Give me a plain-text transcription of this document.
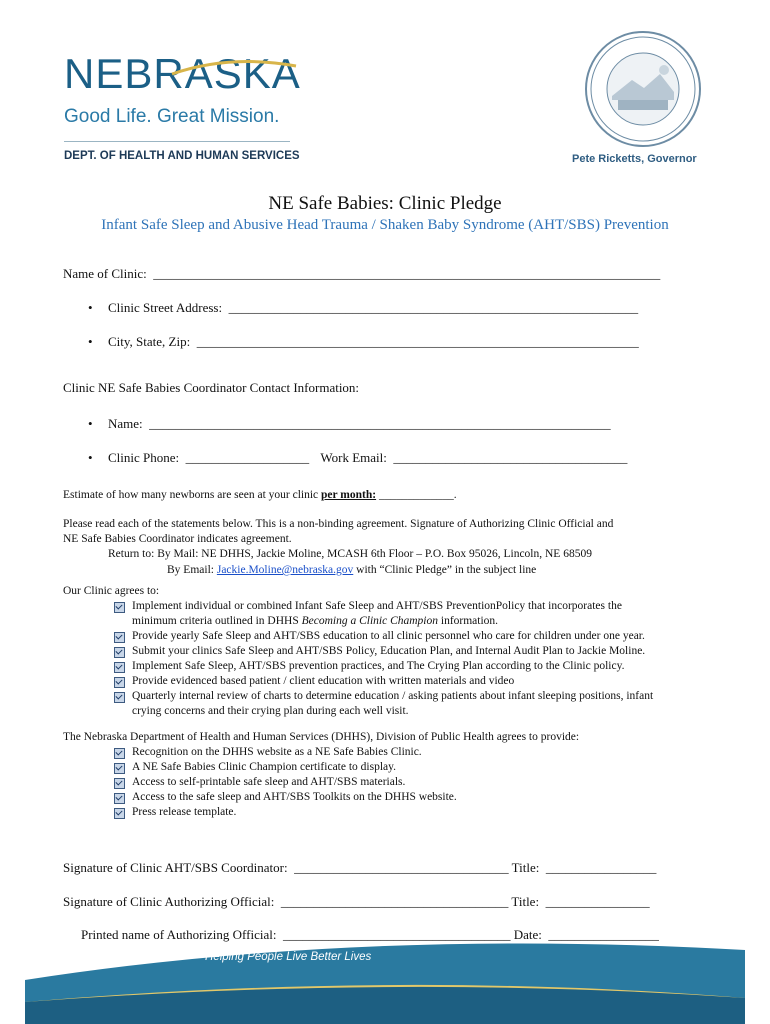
NEBRASKA
Good Life. Great Mission.
DEPT. OF HEALTH AND HUMAN SERVICES	Pete Ricketts, Governor
NE Safe Babies: Clinic Pledge
Infant Safe Sleep and Abusive Head Trauma / Shaken Baby Syndrome (AHT/SBS) Prevention
Name of Clinic:  ______________________________________________________________________________
• Clinic Street Address:  _______________________________________________________________
• City, State, Zip:  ____________________________________________________________________
Clinic NE Safe Babies Coordinator Contact Information:
• Name:  _______________________________________________________________________
• Clinic Phone:  ___________________ Work Email:  ____________________________________
Estimate of how many newborns are seen at your clinic per month: _____________.
Please read each of the statements below. This is a non-binding agreement. Signature of Authorizing Clinic Official and
NE Safe Babies Coordinator indicates agreement.
Return to: By Mail: NE DHHS, Jackie Moline, MCASH 6th Floor – P.O. Box 95026, Lincoln, NE 68509
By Email: Jackie.Moline@nebraska.gov with “Clinic Pledge” in the subject line
Our Clinic agrees to:
Implement individual or combined Infant Safe Sleep and AHT/SBS PreventionPolicy that incorporates the
minimum criteria outlined in DHHS Becoming a Clinic Champion information.
Provide yearly Safe Sleep and AHT/SBS education to all clinic personnel who care for children under one year.
Submit your clinics Safe Sleep and AHT/SBS Policy, Education Plan, and Internal Audit Plan to Jackie Moline.
Implement Safe Sleep, AHT/SBS prevention practices, and The Crying Plan according to the Clinic policy.
Provide evidenced based patient / client education with written materials and video
Quarterly internal review of charts to determine education / asking patients about infant sleeping positions, infant
crying concerns and their crying plan during each well visit.
The Nebraska Department of Health and Human Services (DHHS), Division of Public Health agrees to provide:
Recognition on the DHHS website as a NE Safe Babies Clinic.
A NE Safe Babies Clinic Champion certificate to display.
Access to self-printable safe sleep and AHT/SBS materials.
Access to the safe sleep and AHT/SBS Toolkits on the DHHS website.
Press release template.
Signature of Clinic AHT/SBS Coordinator:  _________________________________ Title:  _________________
Signature of Clinic Authorizing Official:  ___________________________________ Title:  ________________
Printed name of Authorizing Official:  ___________________________________ Date:  _________________
Helping People Live Better Lives
